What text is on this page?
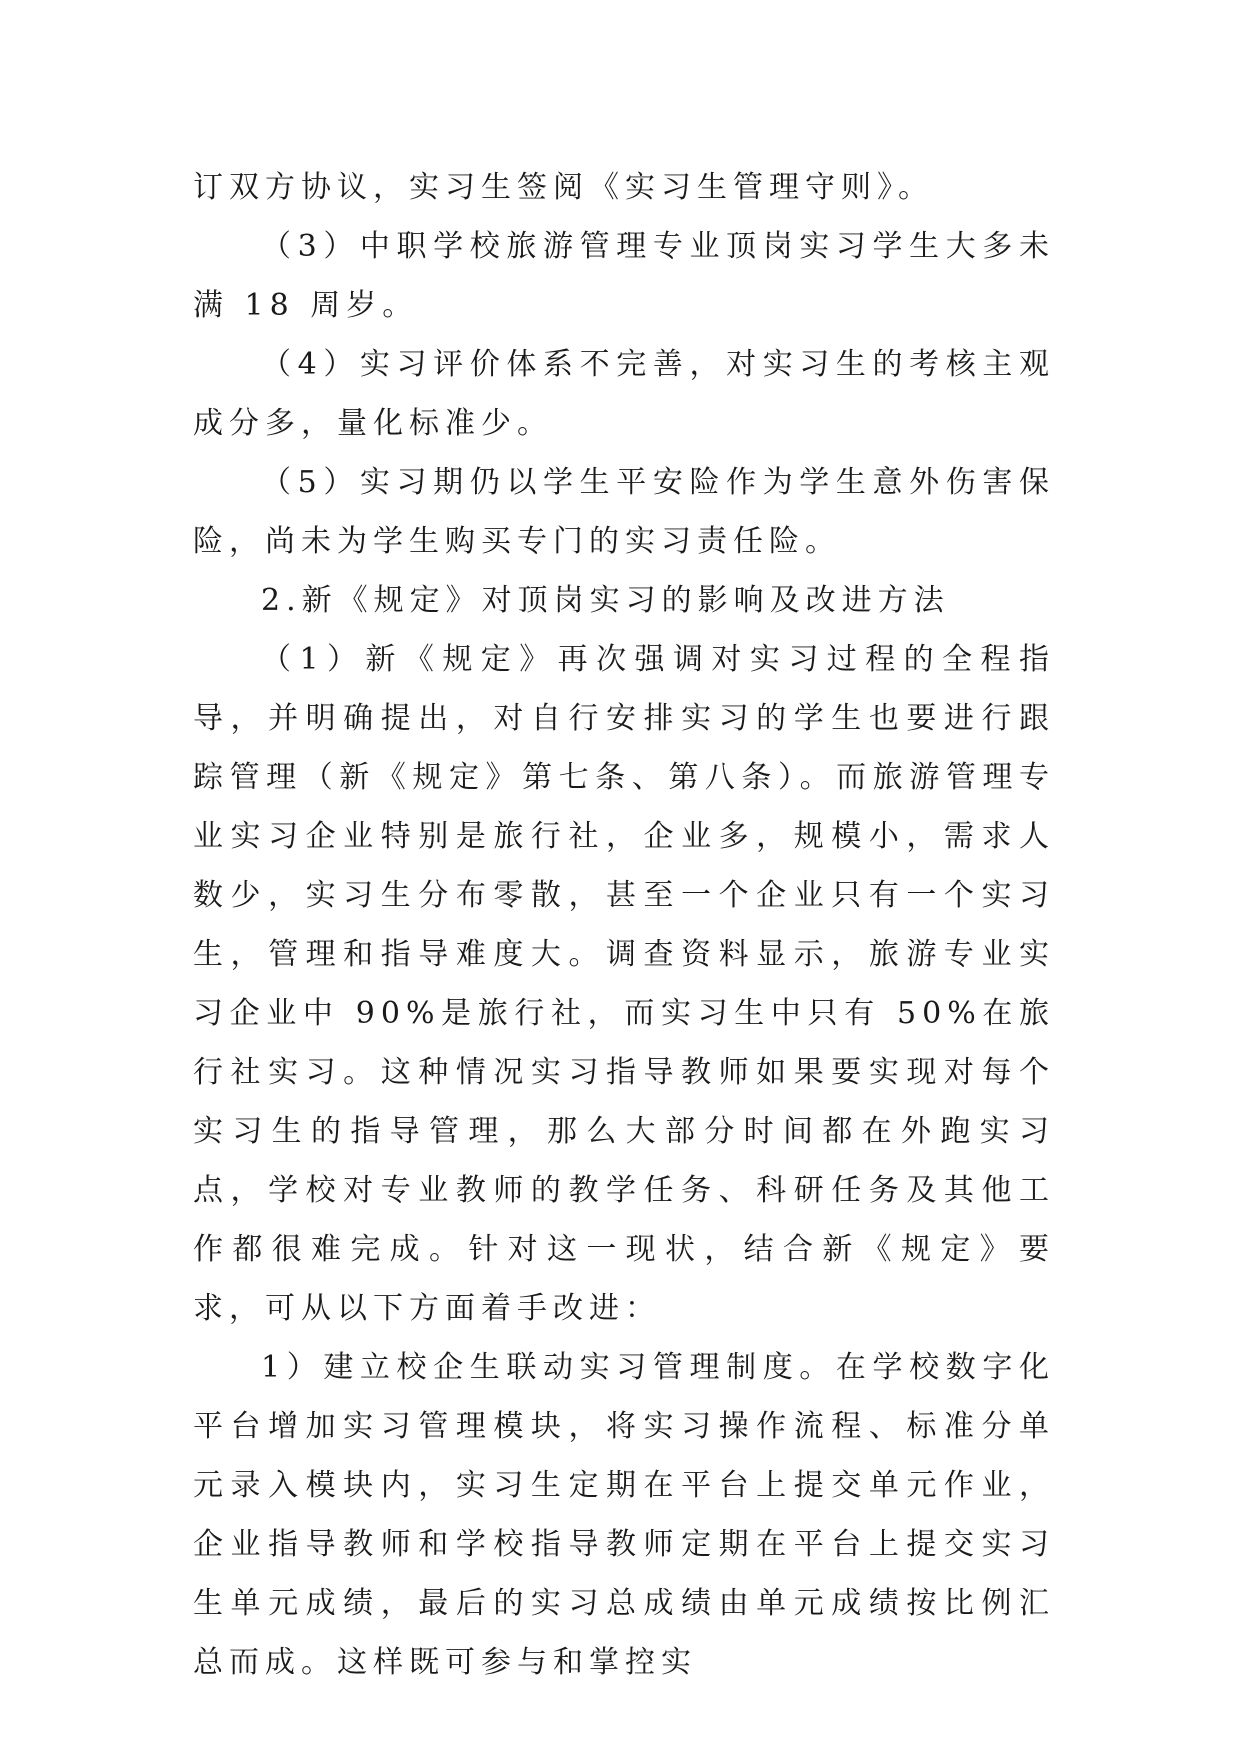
订双方协议，实习生签阅《实习生管理守则》。

（3）中职学校旅游管理专业顶岗实习学生大多未满 18 周岁。

（4）实习评价体系不完善，对实习生的考核主观成分多，量化标准少。

（5）实习期仍以学生平安险作为学生意外伤害保险，尚未为学生购买专门的实习责任险。

2.新《规定》对顶岗实习的影响及改进方法

（1）新《规定》再次强调对实习过程的全程指导，并明确提出，对自行安排实习的学生也要进行跟踪管理（新《规定》第七条、第八条）。而旅游管理专业实习企业特别是旅行社，企业多，规模小，需求人数少，实习生分布零散，甚至一个企业只有一个实习生，管理和指导难度大。调查资料显示，旅游专业实习企业中 90%是旅行社，而实习生中只有 50%在旅行社实习。这种情况实习指导教师如果要实现对每个实习生的指导管理，那么大部分时间都在外跑实习点，学校对专业教师的教学任务、科研任务及其他工作都很难完成。针对这一现状，结合新《规定》要求，可从以下方面着手改进：

1）建立校企生联动实习管理制度。在学校数字化平台增加实习管理模块，将实习操作流程、标准分单元录入模块内，实习生定期在平台上提交单元作业，企业指导教师和学校指导教师定期在平台上提交实习生单元成绩，最后的实习总成绩由单元成绩按比例汇总而成。这样既可参与和掌控实
